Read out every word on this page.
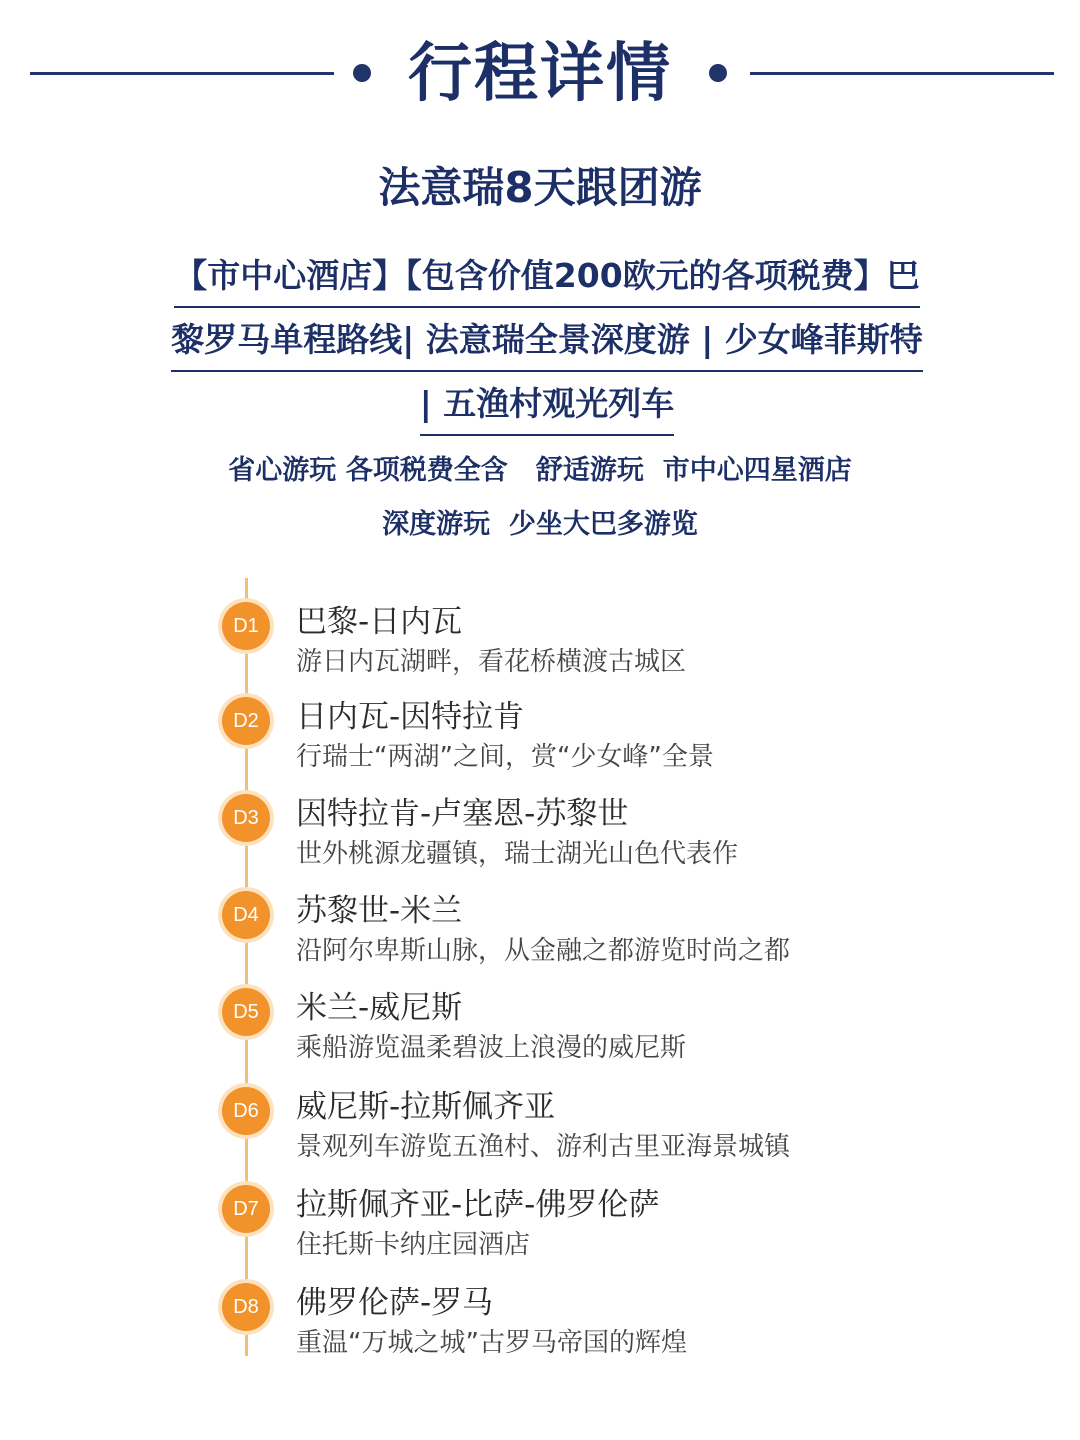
行程详情
法意瑞8天跟团游
【市中心酒店】【包含价值200欧元的各项税费】巴
黎罗马单程路线| 法意瑞全景深度游 | 少女峰菲斯特
| 五渔村观光列车
省心游玩 各项税费全含   舒适游玩  市中心四星酒店
深度游玩  少坐大巴多游览
D1	巴黎-日内瓦
游日内瓦湖畔，看花桥横渡古城区
D2	日内瓦-因特拉肯
行瑞士“两湖”之间，赏“少女峰”全景
D3	因特拉肯-卢塞恩-苏黎世
世外桃源龙疆镇，瑞士湖光山色代表作
D4	苏黎世-米兰
沿阿尔卑斯山脉，从金融之都游览时尚之都
D5	米兰-威尼斯
乘船游览温柔碧波上浪漫的威尼斯
D6	威尼斯-拉斯佩齐亚
景观列车游览五渔村、游利古里亚海景城镇
D7	拉斯佩齐亚-比萨-佛罗伦萨
住托斯卡纳庄园酒店
D8	佛罗伦萨-罗马
重温“万城之城”古罗马帝国的辉煌
